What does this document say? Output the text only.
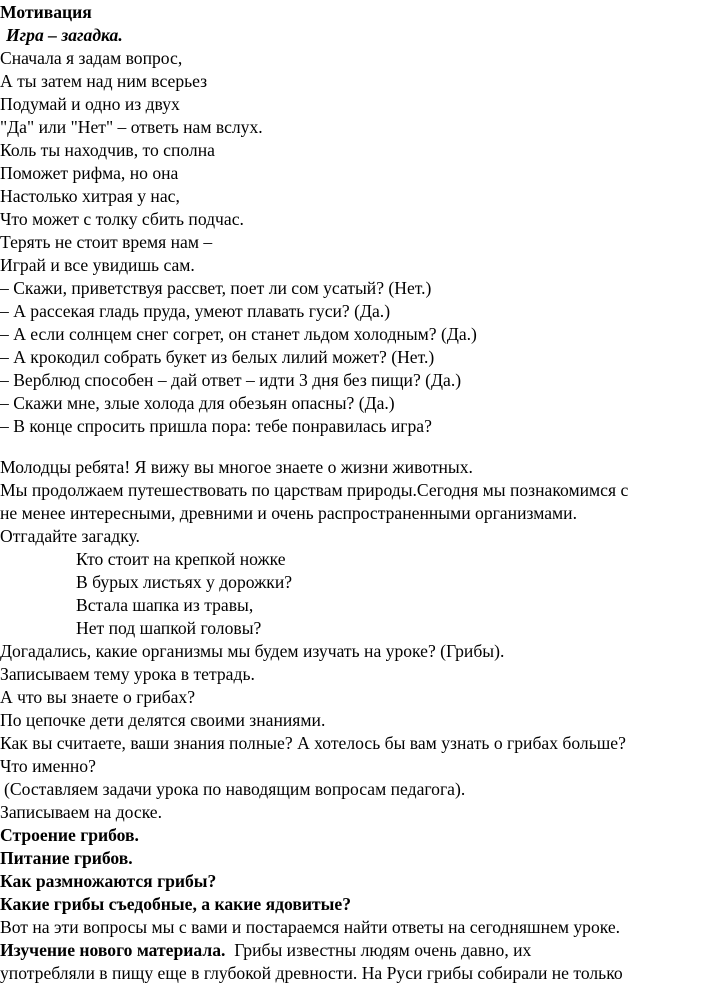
Мотивация
Игра – загадка.
Сначала я задам вопрос,
А ты затем над ним всерьез
Подумай и одно из двух
"Да" или "Нет" – ответь нам вслух.
Коль ты находчив, то сполна
Поможет рифма, но она
Настолько хитрая у нас,
Что может с толку сбить подчас.
Терять не стоит время нам –
Играй и все увидишь сам.
– Скажи, приветствуя рассвет, поет ли сом усатый? (Нет.)
– А рассекая гладь пруда, умеют плавать гуси? (Да.)
– А если солнцем снег согрет, он станет льдом холодным? (Да.)
– А крокодил собрать букет из белых лилий может? (Нет.)
– Верблюд способен – дай ответ – идти 3 дня без пищи? (Да.)
– Скажи мне, злые холода для обезьян опасны? (Да.)
– В конце спросить пришла пора: тебе понравилась игра?
Молодцы ребята! Я вижу вы многое знаете о жизни животных.
Мы продолжаем путешествовать по царствам природы.Сегодня мы познакомимся с
не менее интересными, древними и очень распространенными организмами.
Отгадайте загадку.
Кто стоит на крепкой ножке
В бурых листьях у дорожки?
Встала шапка из травы,
Нет под шапкой головы?
Догадались, какие организмы мы будем изучать на уроке? (Грибы).
Записываем тему урока в тетрадь.
А что вы знаете о грибах?
По цепочке дети делятся своими знаниями.
Как вы считаете, ваши знания полные? А хотелось бы вам узнать о грибах больше?
Что именно?
(Составляем задачи урока по наводящим вопросам педагога).
Записываем на доске.
Строение грибов.
Питание грибов.
Как размножаются грибы?
Какие грибы съедобные, а какие ядовитые?
Вот на эти вопросы мы с вами и постараемся найти ответы на сегодняшнем уроке.
Изучение нового материала. Грибы известны людям очень давно, их
употребляли в пищу еще в глубокой древности. На Руси грибы собирали не только
